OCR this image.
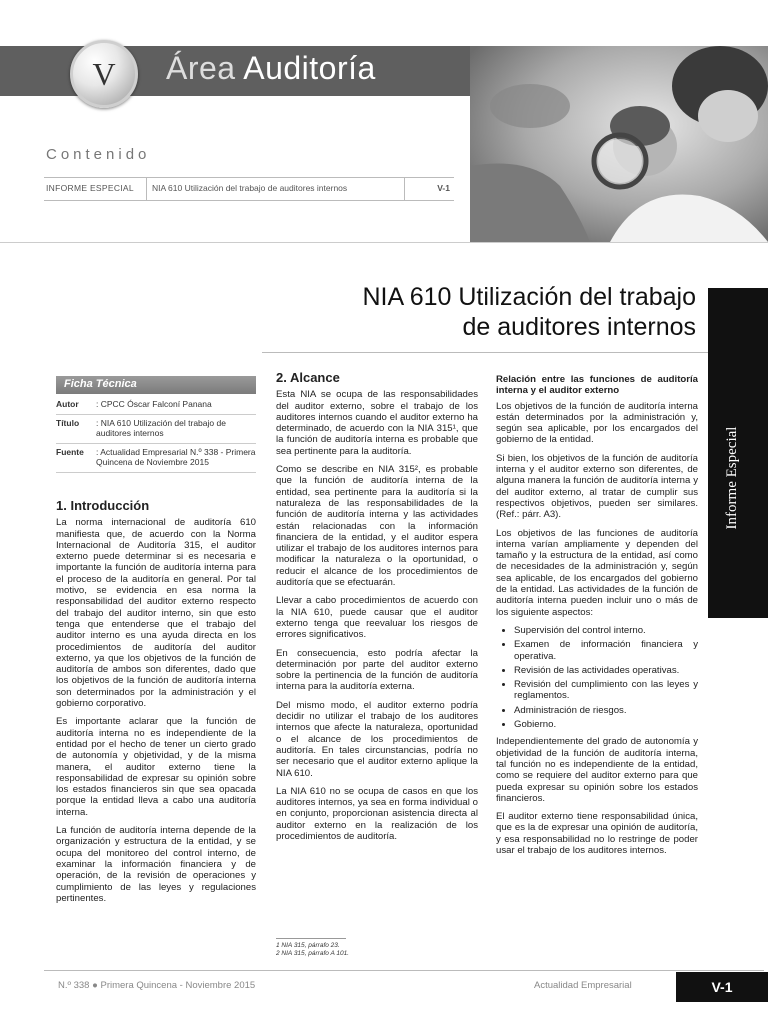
V Área Auditoría
Contenido
INFORME ESPECIAL NIA 610 Utilización del trabajo de auditores internos	V-1
NIA 610 Utilización del trabajo
de auditores internos
Informe Especial
Ficha Técnica
Autor	: CPCC Óscar Falconí Panana
Título	: NIA 610 Utilización del trabajo de auditores internos
Fuente	: Actualidad Empresarial N.º 338 - Primera Quincena de Noviembre 2015
1. Introducción

La norma internacional de auditoría 610 manifiesta que, de acuerdo con la Norma Internacional de Auditoría 315, el auditor externo puede determinar si es necesaria e importante la función de auditoría interna para el proceso de la auditoría en general. Por tal motivo, se evidencia en esa norma la responsabilidad del auditor externo respecto del trabajo del auditor interno, sin que esto tenga que entenderse que el trabajo del auditor interno es una ayuda directa en los procedimientos de auditoría del auditor externo, ya que los objetivos de la función de auditoría de ambos son diferentes, dado que los objetivos de la función de auditoría interna son determinados por la administración y el gobierno corporativo.

Es importante aclarar que la función de auditoría interna no es independiente de la entidad por el hecho de tener un cierto grado de autonomía y objetividad, y de la misma manera, el auditor externo tiene la responsabilidad de expresar su opinión sobre los estados financieros sin que sea opacada porque la entidad lleva a cabo una auditoría interna.

La función de auditoría interna depende de la organización y estructura de la entidad, y se ocupa del monitoreo del control interno, de examinar la información financiera y de operación, de la revisión de operaciones y cumplimiento de las leyes y regulaciones pertinentes.

2. Alcance

Esta NIA se ocupa de las responsabilidades del auditor externo, sobre el trabajo de los auditores internos cuando el auditor externo ha determinado, de acuerdo con la NIA 315¹, que la función de auditoría interna es probable que sea pertinente para la auditoría.

Como se describe en NIA 315², es probable que la función de auditoría interna de la entidad, sea pertinente para la auditoría si la naturaleza de las responsabilidades de la función de auditoría interna y las actividades están relacionadas con la información financiera de la entidad, y el auditor espera utilizar el trabajo de los auditores internos para modificar la naturaleza o la oportunidad, o reducir el alcance de los procedimientos de auditoría que se efectuarán.

Llevar a cabo procedimientos de acuerdo con la NIA 610, puede causar que el auditor externo tenga que reevaluar los riesgos de errores significativos.

En consecuencia, esto podría afectar la determinación por parte del auditor externo sobre la pertinencia de la función de auditoría interna para la auditoría externa.

Del mismo modo, el auditor externo podría decidir no utilizar el trabajo de los auditores internos que afecte la naturaleza, oportunidad o el alcance de los procedimientos de auditoría. En tales circunstancias, podría no ser necesario que el auditor externo aplique la NIA 610.

La NIA 610 no se ocupa de casos en que los auditores internos, ya sea en forma individual o en conjunto, proporcionan asistencia directa al auditor externo en la realización de los procedimientos de auditoría.

1 NIA 315, párrafo 23.
2 NIA 315, párrafo A 101.
Relación entre las funciones de auditoría interna y el auditor externo

Los objetivos de la función de auditoría interna están determinados por la administración y, según sea aplicable, por los encargados del gobierno de la entidad.

Si bien, los objetivos de la función de auditoría interna y el auditor externo son diferentes, de alguna manera la función de auditoría interna y del auditor externo, al tratar de cumplir sus respectivos objetivos, pueden ser similares. (Ref.: párr. A3).

Los objetivos de las funciones de auditoría interna varían ampliamente y dependen del tamaño y la estructura de la entidad, así como de necesidades de la administración y, según sea aplicable, de los encargados del gobierno de la entidad. Las actividades de la función de auditoría interna pueden incluir uno o más de los siguiente aspectos:

• Supervisión del control interno.
• Examen de información financiera y operativa.
• Revisión de las actividades operativas.
• Revisión del cumplimiento con las leyes y reglamentos.
• Administración de riesgos.
• Gobierno.

Independientemente del grado de autonomía y objetividad de la función de auditoría interna, tal función no es independiente de la entidad, como se requiere del auditor externo para que pueda expresar su opinión sobre los estados financieros.

El auditor externo tiene responsabilidad única, que es la de expresar una opinión de auditoría, y esa responsabilidad no lo restringe de poder usar el trabajo de los auditores internos.

N.º 338 ● Primera Quincena - Noviembre 2015	Actualidad Empresarial	V-1
